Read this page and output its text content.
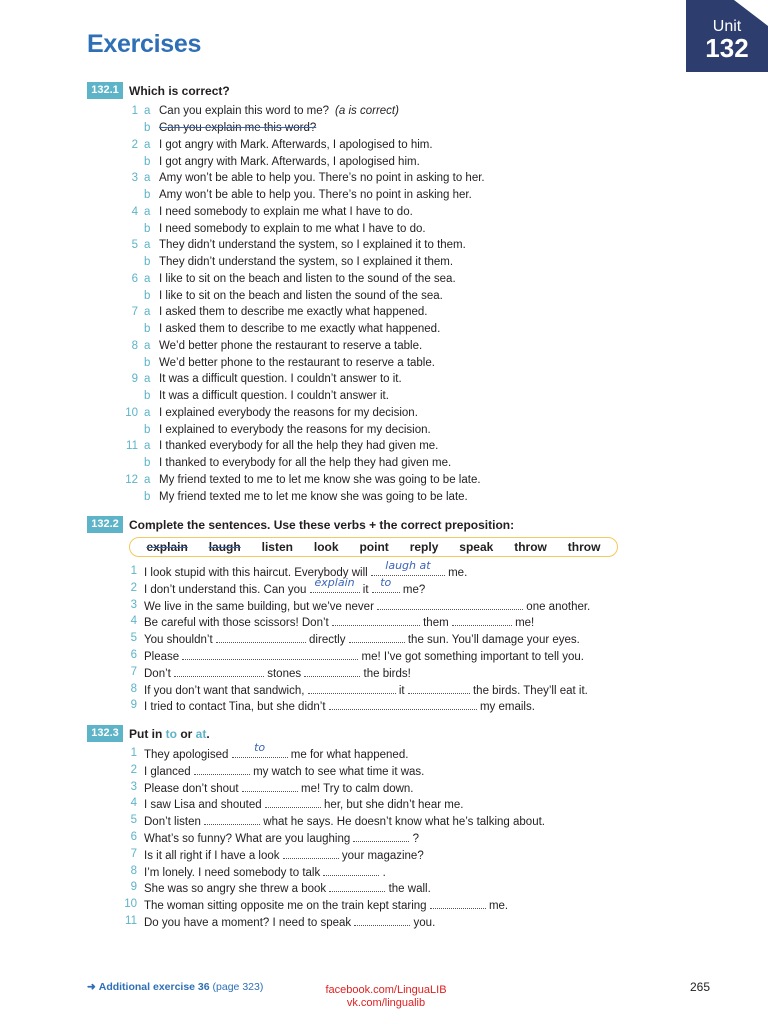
Exercises
Unit
132
132.1 Which is correct?
1 a Can you explain this word to me? (a is correct)
b Can you explain me this word?
2 a I got angry with Mark. Afterwards, I apologised to him.
b I got angry with Mark. Afterwards, I apologised him.
3 a Amy won’t be able to help you. There’s no point in asking to her.
b Amy won’t be able to help you. There’s no point in asking her.
4 a I need somebody to explain me what I have to do.
b I need somebody to explain to me what I have to do.
5 a They didn’t understand the system, so I explained it to them.
b They didn’t understand the system, so I explained it them.
6 a I like to sit on the beach and listen to the sound of the sea.
b I like to sit on the beach and listen the sound of the sea.
7 a I asked them to describe me exactly what happened.
b I asked them to describe to me exactly what happened.
8 a We’d better phone the restaurant to reserve a table.
b We’d better phone to the restaurant to reserve a table.
9 a It was a difficult question. I couldn’t answer to it.
b It was a difficult question. I couldn’t answer it.
10 a I explained everybody the reasons for my decision.
b I explained to everybody the reasons for my decision.
11 a I thanked everybody for all the help they had given me.
b I thanked to everybody for all the help they had given me.
12 a My friend texted to me to let me know she was going to be late.
b My friend texted me to let me know she was going to be late.
132.2 Complete the sentences. Use these verbs + the correct preposition:
explain laugh listen look point reply speak throw throw
1 I look stupid with this haircut. Everybody will
laugh at
me.
2 I don’t understand this. Can you
explain
it
to
me?
3 We live in the same building, but we’ve never	one another.
4 Be careful with those scissors! Don’t	them	me!
5 You shouldn’t	directly	the sun. You’ll damage your eyes.
6 Please	me! I’ve got something important to tell you.
7 Don’t	stones	the birds!
8 If you don’t want that sandwich,	it	the birds. They’ll eat it.
9 I tried to contact Tina, but she didn’t	my emails.
132.3 Put in to or at.
1 They apologised
to
me for what happened.
2 I glanced	my watch to see what time it was.
3 Please don’t shout	me! Try to calm down.
4 I saw Lisa and shouted	her, but she didn’t hear me.
5 Don’t listen	what he says. He doesn’t know what he’s talking about.
6 What’s so funny? What are you laughing	?
7 Is it all right if I have a look	your magazine?
8 I’m lonely. I need somebody to talk	.
9 She was so angry she threw a book	the wall.
10 The woman sitting opposite me on the train kept staring	me.
11 Do you have a moment? I need to speak	you.
➜ Additional exercise 36 (page 323)	facebook.com/LinguaLIB
vk.com/lingualib
265
